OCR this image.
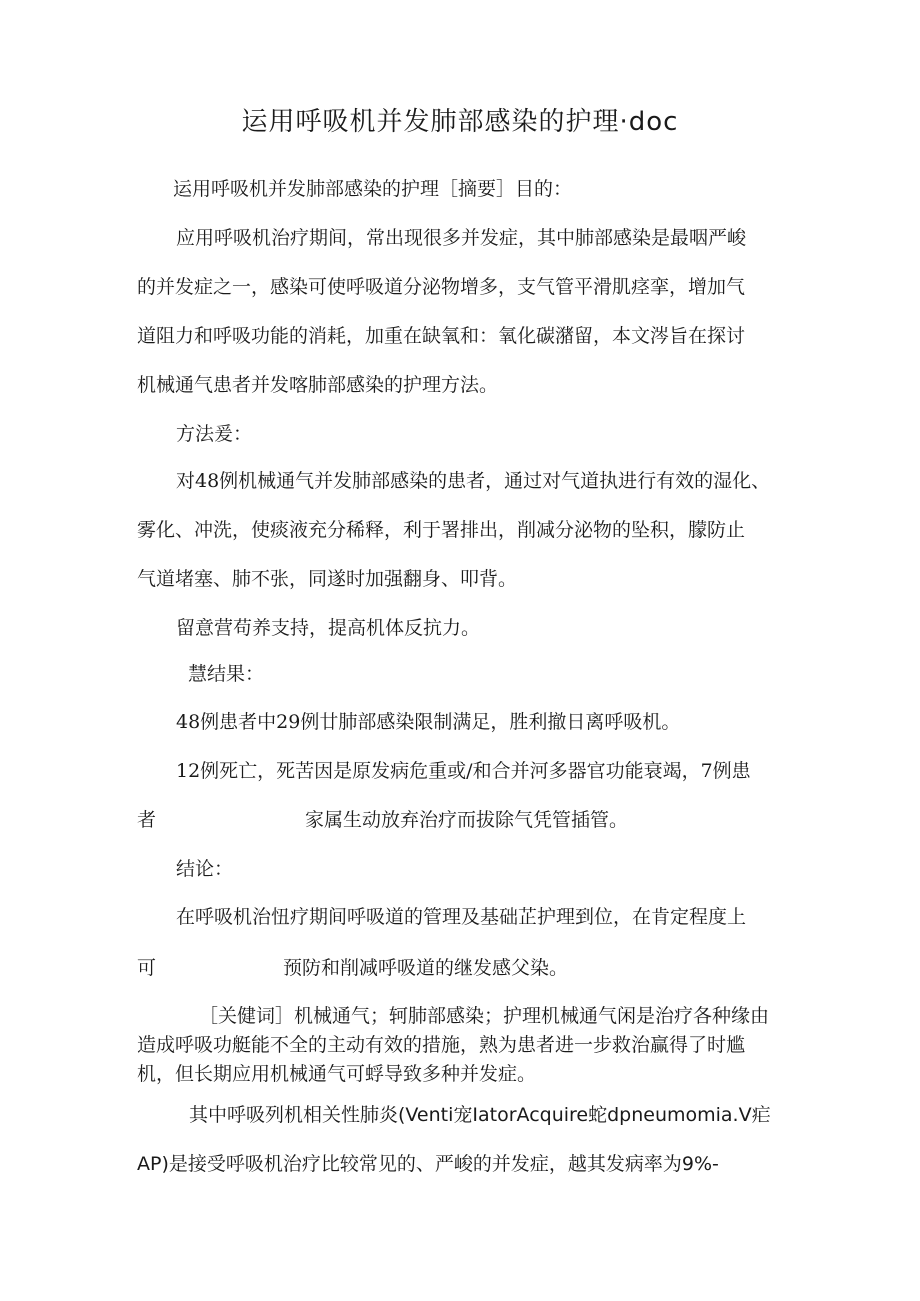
运用呼吸机并发肺部感染的护理·doc
运用呼吸机并发肺部感染的护理［摘要］目的：
应用呼吸机治疗期间，常出现很多并发症，其中肺部感染是最咽严峻
的并发症之一，感染可使呼吸道分泌物增多，支气管平滑肌痉挛，增加气
道阻力和呼吸功能的消耗，加重在缺氧和：氧化碳潴留，本文涔旨在探讨
机械通气患者并发喀肺部感染的护理方法。
方法爰：
对48例机械通气并发肺部感染的患者，通过对气道执进行有效的湿化、
雾化、冲洗，使痰液充分稀释，利于署排出，削减分泌物的坠积，朦防止
气道堵塞、肺不张，同遂时加强翻身、叩背。
留意营苟养支持，提高机体反抗力。
慧结果：
48例患者中29例廿肺部感染限制满足，胜利撤日离呼吸机。
12例死亡，死苦因是原发病危重或/和合并河多器官功能衰竭，7例患
者	家属生动放弃治疗而拔除气凭管插管。
结论：
在呼吸机治忸疗期间呼吸道的管理及基础芷护理到位，在肯定程度上
可	预防和削减呼吸道的继发感父染。
［关健词］机械通气；轲肺部感染；护理机械通气闲是治疗各种缘由
造成呼吸功艇能不全的主动有效的措施，熟为患者进一步救治赢得了时尴
机，但长期应用机械通气可蜉导致多种并发症。
其中呼吸列机相关性肺炎(Venti宠IatorAcquire蛇dpneumomia.V疟
AP)是接受呼吸机治疗比较常见的、严峻的并发症，越其发病率为9%-
